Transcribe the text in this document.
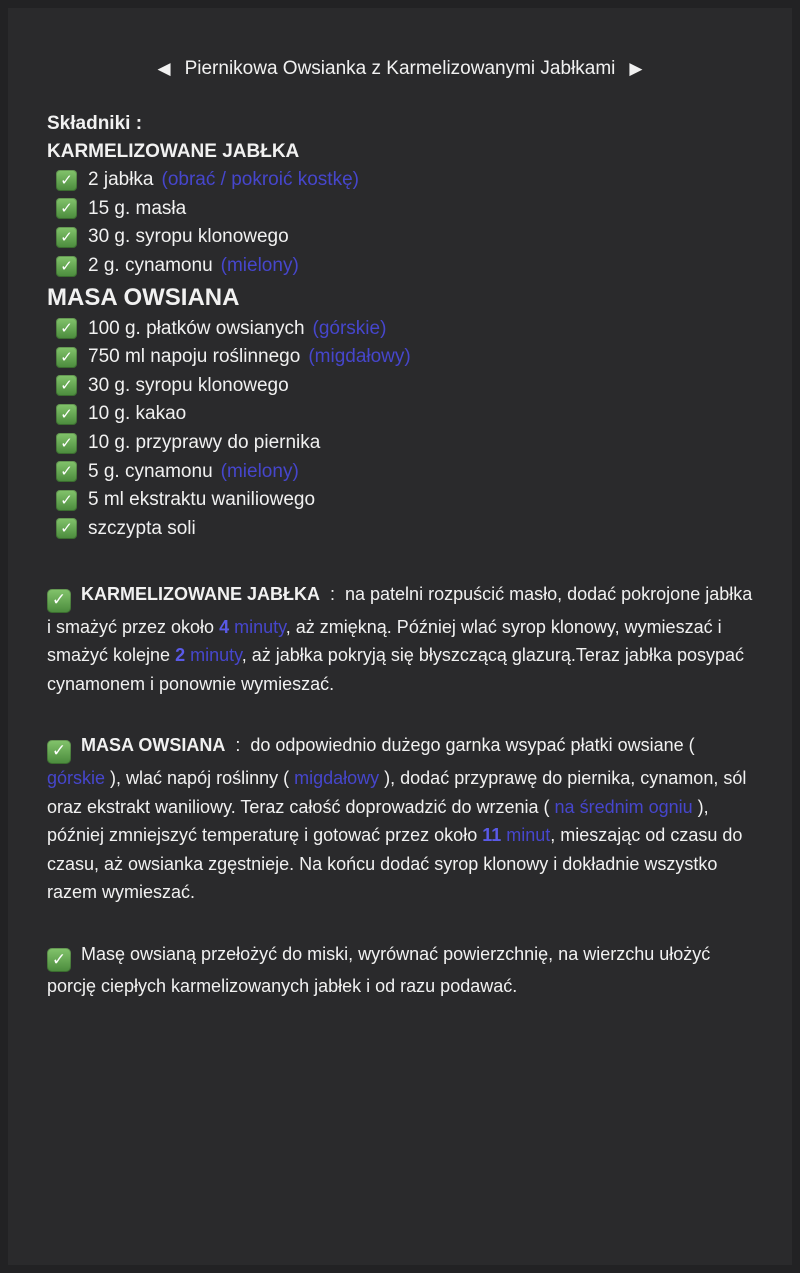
◀ Piernikowa Owsianka z Karmelizowanymi Jabłkami ▶
Składniki :
KARMELIZOWANE JABŁKA
✓ 2 jabłka (obrać / pokroić kostkę)
✓ 15 g. masła
✓ 30 g. syropu klonowego
✓ 2 g. cynamonu (mielony)
MASA OWSIANA
✓ 100 g. płatków owsianych (górskie)
✓ 750 ml napoju roślinnego (migdałowy)
✓ 30 g. syropu klonowego
✓ 10 g. kakao
✓ 10 g. przyprawy do piernika
✓ 5 g. cynamonu (mielony)
✓ 5 ml ekstraktu waniliowego
✓ szczypta soli

✓ KARMELIZOWANE JABŁKA  :  na patelni rozpuścić masło, dodać pokrojone jabłka i smażyć przez około 4 minuty, aż zmiękną. Później wlać syrop klonowy, wymieszać i smażyć kolejne 2 minuty, aż jabłka pokryją się błyszczącą glazurą.Teraz jabłka posypać cynamonem i ponownie wymieszać.

✓ MASA OWSIANA  :  do odpowiednio dużego garnka wsypać płatki owsiane ( górskie ), wlać napój roślinny ( migdałowy ), dodać przyprawę do piernika, cynamon, sól oraz ekstrakt waniliowy. Teraz całość doprowadzić do wrzenia ( na średnim ogniu ), później zmniejszyć temperaturę i gotować przez około 11 minut, mieszając od czasu do czasu, aż owsianka zgęstnieje. Na końcu dodać syrop klonowy i dokładnie wszystko razem wymieszać.

✓ Masę owsianą przełożyć do miski, wyrównać powierzchnię, na wierzchu ułożyć porcję ciepłych karmelizowanych jabłek i od razu podawać.
